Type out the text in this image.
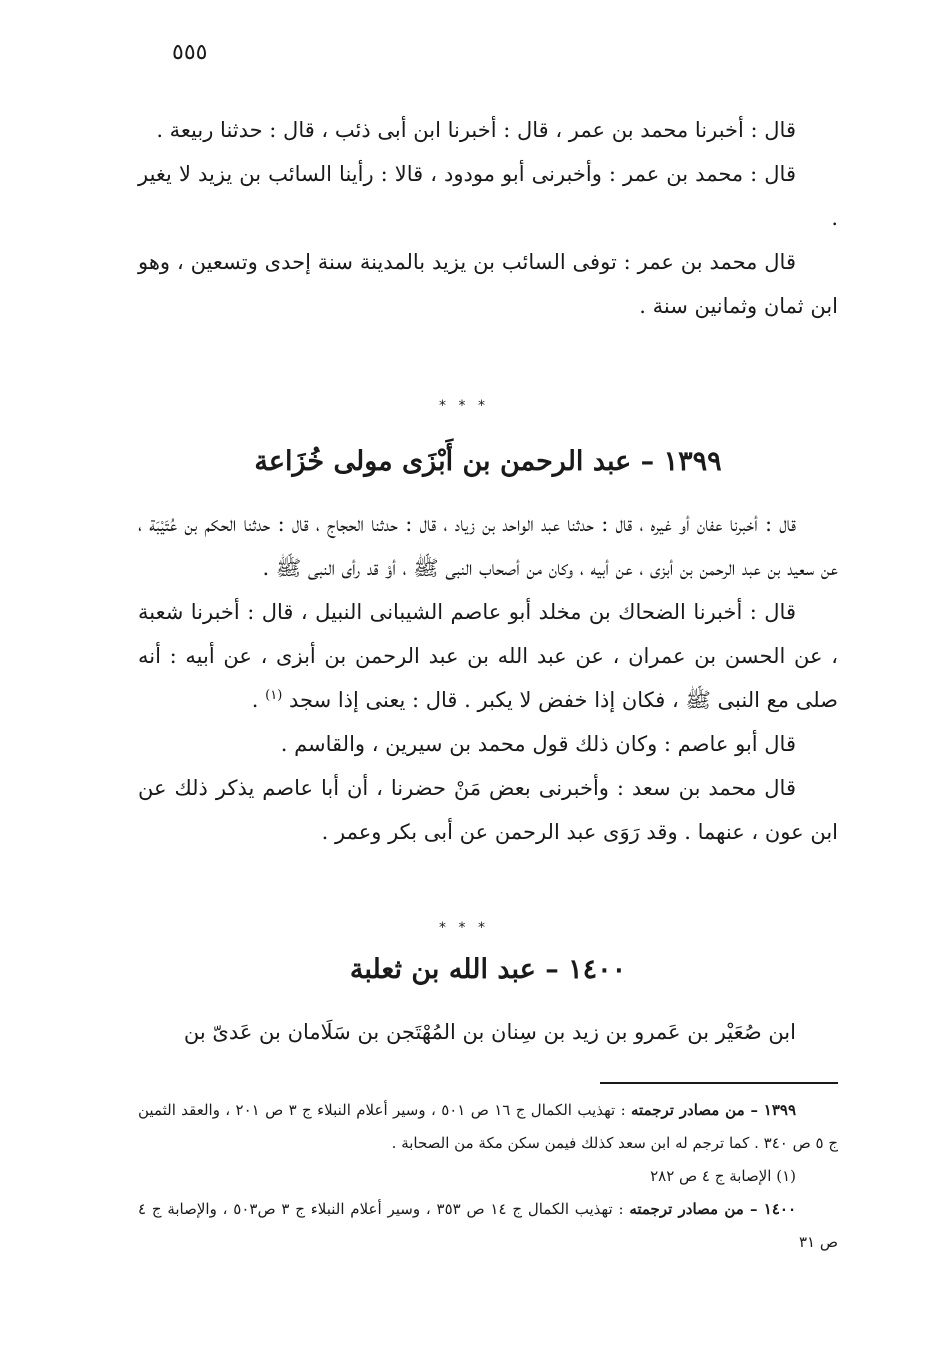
٥٥٥

قال : أخبرنا محمد بن عمر ، قال : أخبرنا ابن أبى ذئب ، قال : حدثنا ربيعة .

قال : محمد بن عمر : وأخبرنى أبو مودود ، قالا : رأينا السائب بن يزيد لا يغير .

قال محمد بن عمر : توفى السائب بن يزيد بالمدينة سنة إحدى وتسعين ، وهو ابن ثمان وثمانين سنة .

* * *
١٣٩٩ – عبد الرحمن بن أَبْزَى مولى خُزَاعة

قال : أخبرنا عفان أو غيره ، قال : حدثنا عبد الواحد بن زياد ، قال : حدثنا الحجاج ، قال : حدثنا الحكم بن عُتَيْبَة ، عن سعيد بن عبد الرحمن بن أبزى ، عن أبيه ، وكان من أصحاب النبى ﷺ ، أوْ قد رأى النبى ﷺ .

قال : أخبرنا الضحاك بن مخلد أبو عاصم الشيبانى النبيل ، قال : أخبرنا شعبة ، عن الحسن بن عمران ، عن عبد الله بن عبد الرحمن بن أبزى ، عن أبيه : أنه صلى مع النبى ﷺ ، فكان إذا خفض لا يكبر . قال : يعنى إذا سجد $^{(١)}$ .

قال أبو عاصم : وكان ذلك قول محمد بن سيرين ، والقاسم .

قال محمد بن سعد : وأخبرنى بعض مَنْ حضرنا ، أن أبا عاصم يذكر ذلك عن ابن عون ، عنهما . وقد رَوَى عبد الرحمن عن أبى بكر وعمر .

* * *
١٤٠٠ – عبد الله بن ثعلبة

ابن صُعَيْر بن عَمرو بن زيد بن سِنان بن المُهْتَجن بن سَلَامان بن عَدىّ بن

١٣٩٩ – من مصادر ترجمته : تهذيب الكمال ج ١٦ ص ٥٠١ ، وسير أعلام النبلاء ج ٣ ص ٢٠١ ، والعقد الثمين ج ٥ ص ٣٤٠ . كما ترجم له ابن سعد كذلك فيمن سكن مكة من الصحابة .

(١) الإصابة ج ٤ ص ٢٨٢

١٤٠٠ – من مصادر ترجمته : تهذيب الكمال ج ١٤ ص ٣٥٣ ، وسير أعلام النبلاء ج ٣ ص٥٠٣ ، والإصابة ج ٤ ص ٣١
